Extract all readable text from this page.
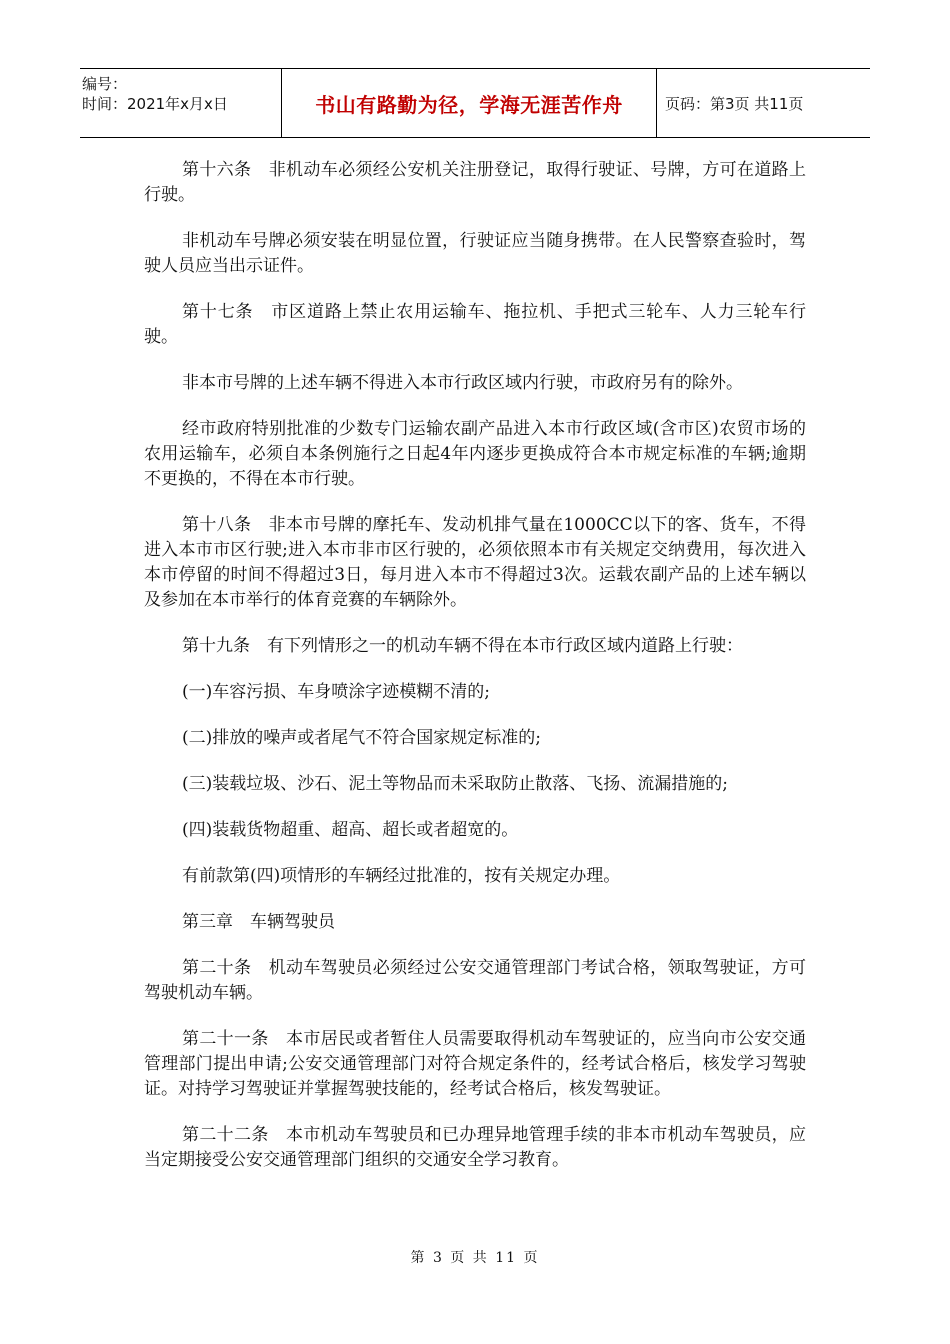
编号：
时间：2021年x月x日	书山有路勤为径，学海无涯苦作舟	页码：第3页 共11页

第十六条　非机动车必须经公安机关注册登记，取得行驶证、号牌，方可在道路上行驶。

非机动车号牌必须安装在明显位置，行驶证应当随身携带。在人民警察查验时，驾驶人员应当出示证件。

第十七条　市区道路上禁止农用运输车、拖拉机、手把式三轮车、人力三轮车行驶。

非本市号牌的上述车辆不得进入本市行政区域内行驶，市政府另有的除外。

经市政府特别批准的少数专门运输农副产品进入本市行政区域(含市区)农贸市场的农用运输车，必须自本条例施行之日起4年内逐步更换成符合本市规定标准的车辆;逾期不更换的，不得在本市行驶。

第十八条　非本市号牌的摩托车、发动机排气量在1000CC以下的客、货车，不得进入本市市区行驶;进入本市非市区行驶的，必须依照本市有关规定交纳费用，每次进入本市停留的时间不得超过3日，每月进入本市不得超过3次。运载农副产品的上述车辆以及参加在本市举行的体育竞赛的车辆除外。

第十九条　有下列情形之一的机动车辆不得在本市行政区域内道路上行驶：

(一)车容污损、车身喷涂字迹模糊不清的;

(二)排放的噪声或者尾气不符合国家规定标准的;

(三)装载垃圾、沙石、泥土等物品而未采取防止散落、飞扬、流漏措施的;

(四)装载货物超重、超高、超长或者超宽的。

有前款第(四)项情形的车辆经过批准的，按有关规定办理。

第三章　车辆驾驶员

第二十条　机动车驾驶员必须经过公安交通管理部门考试合格，领取驾驶证，方可驾驶机动车辆。

第二十一条　本市居民或者暂住人员需要取得机动车驾驶证的，应当向市公安交通管理部门提出申请;公安交通管理部门对符合规定条件的，经考试合格后，核发学习驾驶证。对持学习驾驶证并掌握驾驶技能的，经考试合格后，核发驾驶证。

第二十二条　本市机动车驾驶员和已办理异地管理手续的非本市机动车驾驶员，应当定期接受公安交通管理部门组织的交通安全学习教育。

第 3 页 共 11 页
